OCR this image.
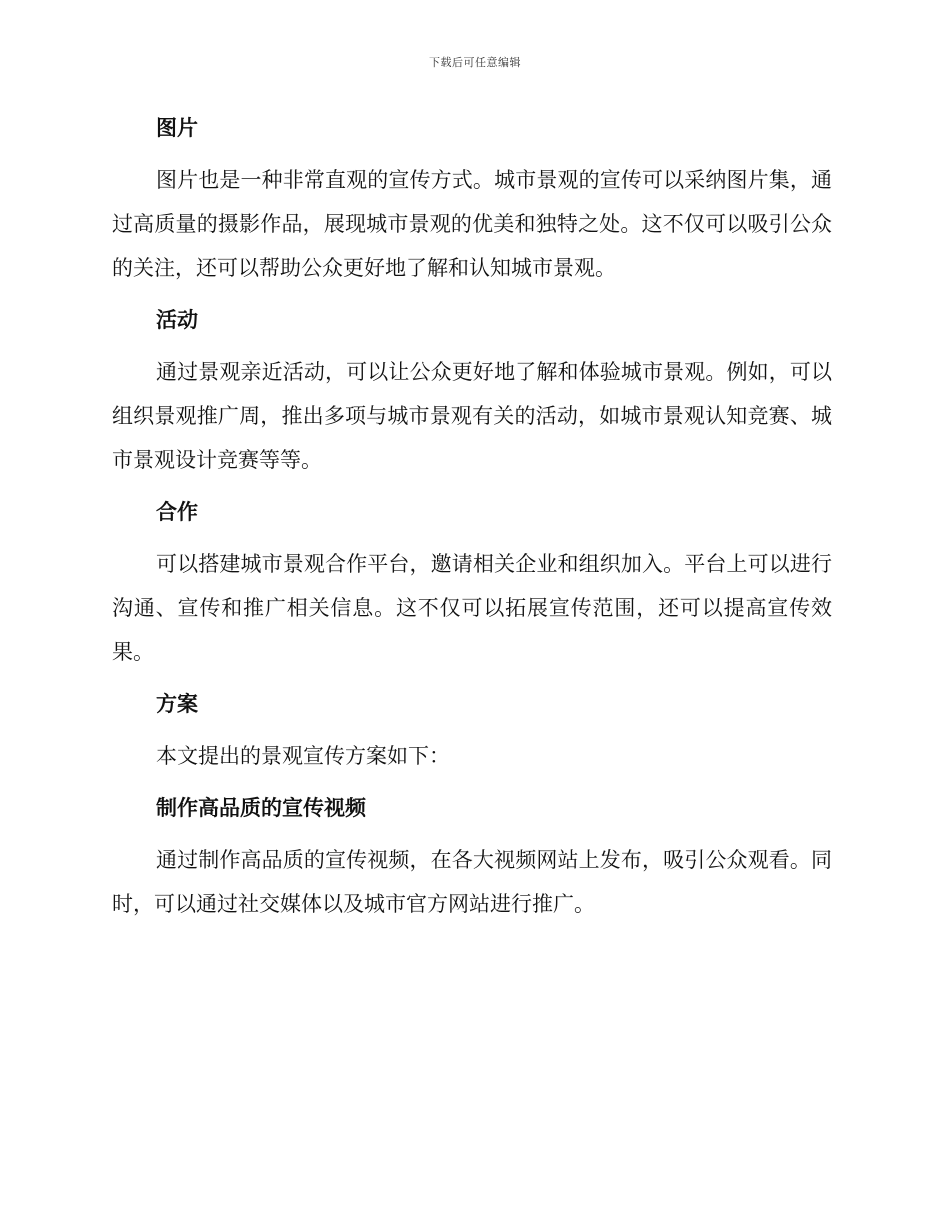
下载后可任意编辑
图片

图片也是一种非常直观的宣传方式。城市景观的宣传可以采纳图片集，通过高质量的摄影作品，展现城市景观的优美和独特之处。这不仅可以吸引公众的关注，还可以帮助公众更好地了解和认知城市景观。

活动

通过景观亲近活动，可以让公众更好地了解和体验城市景观。例如，可以组织景观推广周，推出多项与城市景观有关的活动，如城市景观认知竞赛、城市景观设计竞赛等等。

合作

可以搭建城市景观合作平台，邀请相关企业和组织加入。平台上可以进行沟通、宣传和推广相关信息。这不仅可以拓展宣传范围，还可以提高宣传效果。

方案

本文提出的景观宣传方案如下：

制作高品质的宣传视频

通过制作高品质的宣传视频，在各大视频网站上发布，吸引公众观看。同时，可以通过社交媒体以及城市官方网站进行推广。
